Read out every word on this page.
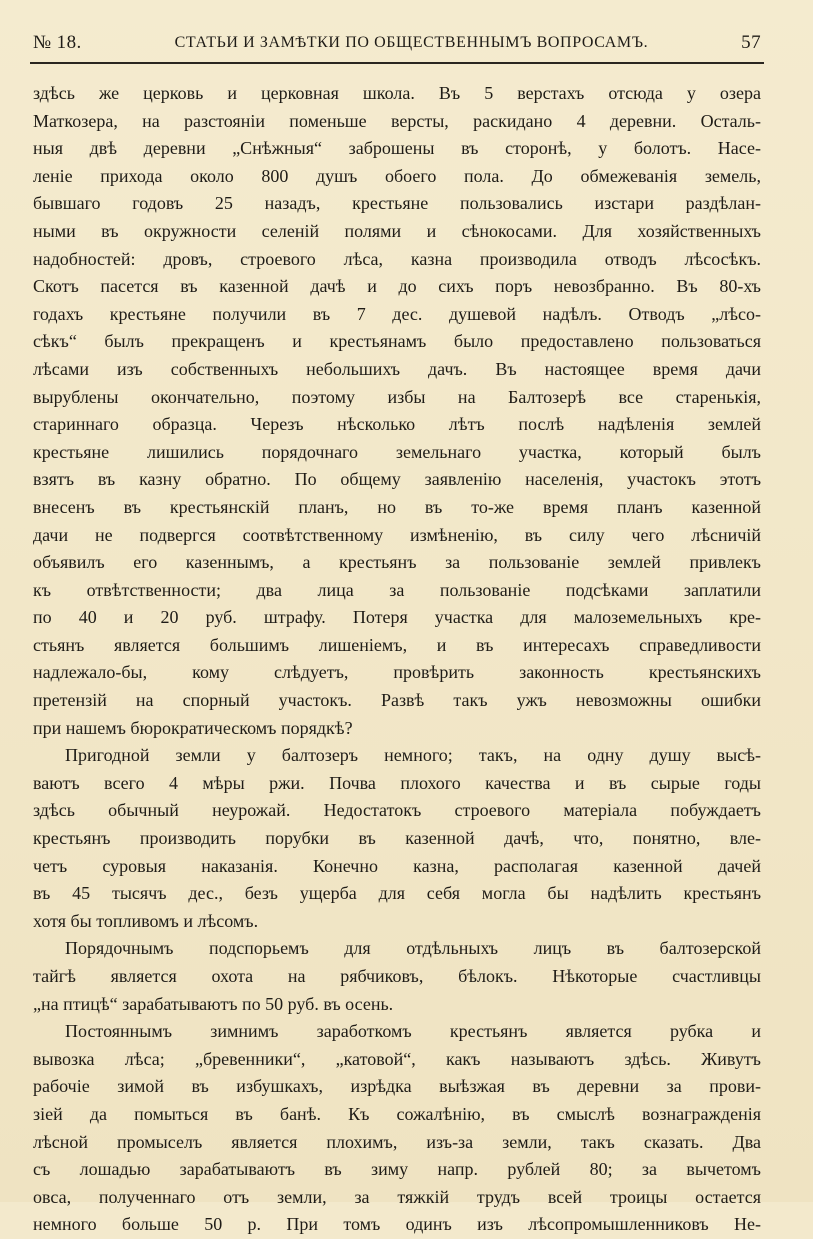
№ 18.	СТАТЬИ И ЗАМѢТКИ ПО ОБЩЕСТВЕННЫМЪ ВОПРОСАМЪ.	57
здѣсь же церковь и церковная школа. Въ 5 верстахъ отсюда у озера
Маткозера, на разстояніи поменьше версты, раскидано 4 деревни. Осталь-
ныя двѣ деревни „Снѣжныя“ заброшены въ сторонѣ, у болотъ. Насе-
леніе прихода около 800 душъ обоего пола. До обмежеванія земель,
бывшаго годовъ 25 назадъ, крестьяне пользовались изстари раздѣлан-
ными въ окружности селеній полями и сѣнокосами. Для хозяйственныхъ
надобностей: дровъ, строевого лѣса, казна производила отводъ лѣсосѣкъ.
Скотъ пасется въ казенной дачѣ и до сихъ поръ невозбранно. Въ 80-хъ
годахъ крестьяне получили въ 7 дес. душевой надѣлъ. Отводъ „лѣсо-
сѣкъ“ былъ прекращенъ и крестьянамъ было предоставлено пользоваться
лѣсами изъ собственныхъ небольшихъ дачъ. Въ настоящее время дачи
вырублены окончательно, поэтому избы на Балтозерѣ все старенькія,
стариннаго образца. Черезъ нѣсколько лѣтъ послѣ надѣленія землей
крестьяне лишились порядочнаго земельнаго участка, который былъ
взятъ въ казну обратно. По общему заявленію населенія, участокъ этотъ
внесенъ въ крестьянскій планъ, но въ то-же время планъ казенной
дачи не подвергся соотвѣтственному измѣненію, въ силу чего лѣсничій
объявилъ его казеннымъ, а крестьянъ за пользованіе землей привлекъ
къ отвѣтственности; два лица за пользованіе подсѣками заплатили
по 40 и 20 руб. штрафу. Потеря участка для малоземельныхъ кре-
стьянъ является большимъ лишеніемъ, и въ интересахъ справедливости
надлежало-бы, кому слѣдуетъ, провѣрить законность крестьянскихъ
претензій на спорный участокъ. Развѣ такъ ужъ невозможны ошибки
при нашемъ бюрократическомъ порядкѣ?
Пригодной земли у балтозеръ немного; такъ, на одну душу высѣ-
ваютъ всего 4 мѣры ржи. Почва плохого качества и въ сырые годы
здѣсь обычный неурожай. Недостатокъ строевого матеріала побуждаетъ
крестьянъ производить порубки въ казенной дачѣ, что, понятно, вле-
четъ суровыя наказанія. Конечно казна, располагая казенной дачей
въ 45 тысячъ дес., безъ ущерба для себя могла бы надѣлить крестьянъ
хотя бы топливомъ и лѣсомъ.
Порядочнымъ подспорьемъ для отдѣльныхъ лицъ въ балтозерской
тайгѣ является охота на рябчиковъ, бѣлокъ. Нѣкоторые счастливцы
„на птицѣ“ зарабатываютъ по 50 руб. въ осень.
Постояннымъ зимнимъ заработкомъ крестьянъ является рубка и
вывозка лѣса; „бревенники“, „катовой“, какъ называютъ здѣсь. Живутъ
рабочіе зимой въ избушкахъ, изрѣдка выѣзжая въ деревни за прови-
зіей да помыться въ банѣ. Къ сожалѣнію, въ смыслѣ вознагражденія
лѣсной промыселъ является плохимъ, изъ-за земли, такъ сказать. Два
съ лошадью зарабатываютъ въ зиму напр. рублей 80; за вычетомъ
овса, полученнаго отъ земли, за тяжкій трудъ всей троицы остается
немного больше 50 р. При томъ одинъ изъ лѣсопромышленниковъ Не-
